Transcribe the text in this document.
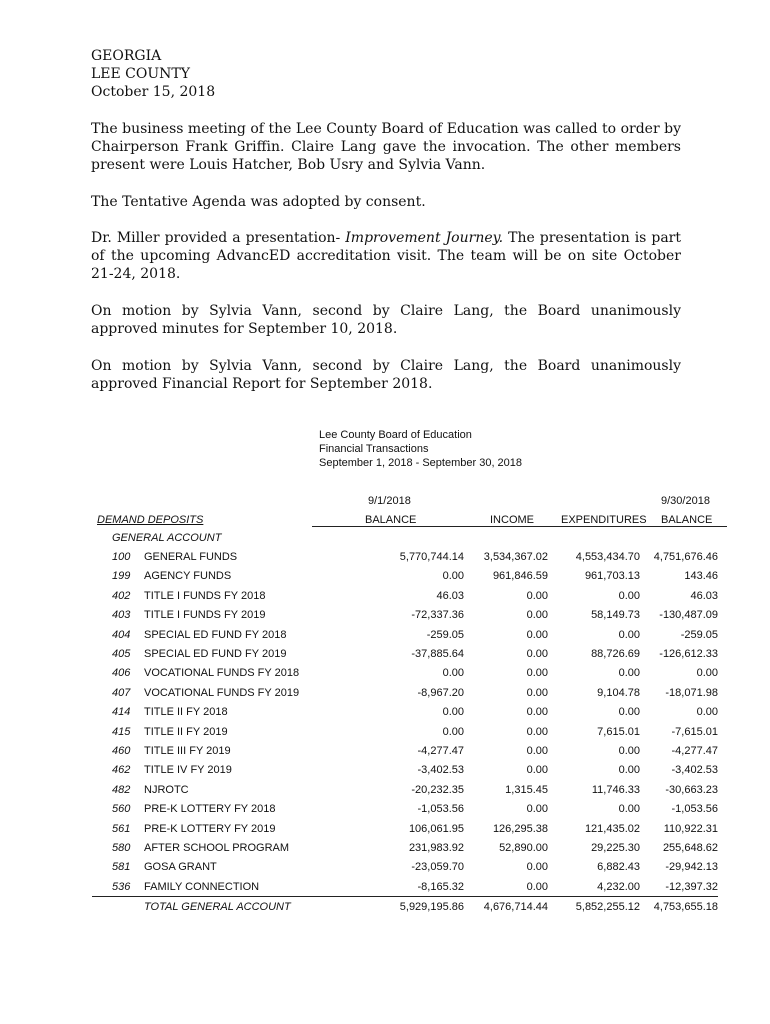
GEORGIA
LEE COUNTY
October 15, 2018
The business meeting of the Lee County Board of Education was called to order by Chairperson Frank Griffin. Claire Lang gave the invocation. The other members present were Louis Hatcher, Bob Usry and Sylvia Vann.
The Tentative Agenda was adopted by consent.
Dr. Miller provided a presentation- Improvement Journey. The presentation is part of the upcoming AdvancED accreditation visit. The team will be on site October 21-24, 2018.
On motion by Sylvia Vann, second by Claire Lang, the Board unanimously approved minutes for September 10, 2018.
On motion by Sylvia Vann, second by Claire Lang, the Board unanimously approved Financial Report for September 2018.
Lee County Board of Education
Financial Transactions
September 1, 2018 - September 30, 2018
9/1/2018	9/30/2018
DEMAND DEPOSITS	BALANCE	INCOME EXPENDITURES BALANCE
GENERAL ACCOUNT					
100	GENERAL FUNDS	5,770,744.14	3,534,367.02	4,553,434.70	4,751,676.46
199	AGENCY FUNDS	0.00	961,846.59	961,703.13	143.46
402	TITLE I FUNDS FY 2018	46.03	0.00	0.00	46.03
403	TITLE I FUNDS FY 2019	-72,337.36	0.00	58,149.73	-130,487.09
404	SPECIAL ED FUND FY 2018	-259.05	0.00	0.00	-259.05
405	SPECIAL ED FUND FY 2019	-37,885.64	0.00	88,726.69	-126,612.33
406	VOCATIONAL FUNDS FY 2018	0.00	0.00	0.00	0.00
407	VOCATIONAL FUNDS FY 2019	-8,967.20	0.00	9,104.78	-18,071.98
414	TITLE II FY 2018	0.00	0.00	0.00	0.00
415	TITLE II FY 2019	0.00	0.00	7,615.01	-7,615.01
460	TITLE III FY 2019	-4,277.47	0.00	0.00	-4,277.47
462	TITLE IV FY 2019	-3,402.53	0.00	0.00	-3,402.53
482	NJROTC	-20,232.35	1,315.45	11,746.33	-30,663.23
560	PRE-K LOTTERY FY 2018	-1,053.56	0.00	0.00	-1,053.56
561	PRE-K LOTTERY FY 2019	106,061.95	126,295.38	121,435.02	110,922.31
580	AFTER SCHOOL PROGRAM	231,983.92	52,890.00	29,225.30	255,648.62
581	GOSA GRANT	-23,059.70	0.00	6,882.43	-29,942.13
536	FAMILY CONNECTION	-8,165.32	0.00	4,232.00	-12,397.32
TOTAL GENERAL ACCOUNT		5,929,195.86	4,676,714.44	5,852,255.12	4,753,655.18
